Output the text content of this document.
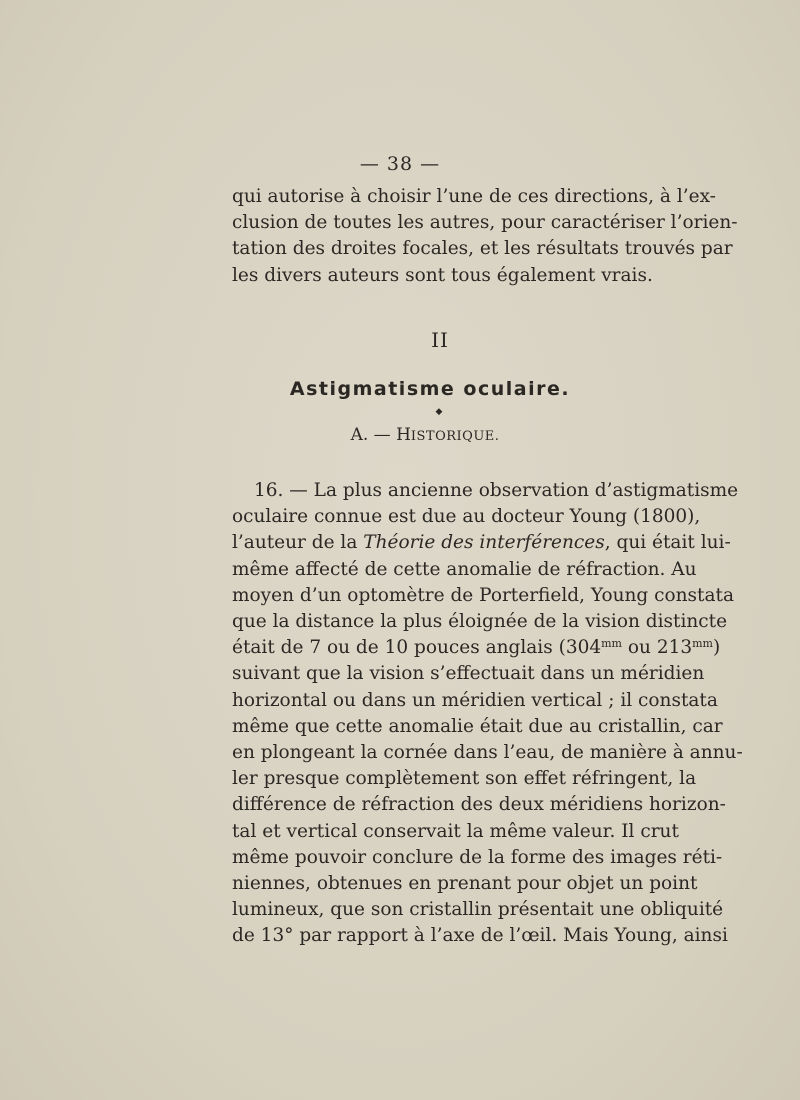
— 38 —
qui autorise à choisir l’une de ces directions, à l’ex-
clusion de toutes les autres, pour caractériser l’orien-
tation des droites focales, et les résultats trouvés par
les divers auteurs sont tous également vrais.
II
Astigmatisme oculaire.
◆
A. — HISTORIQUE.
16. — La plus ancienne observation d’astigmatisme
oculaire connue est due au docteur Young (1800),
l’auteur de la Théorie des interférences, qui était lui-
même affecté de cette anomalie de réfraction. Au
moyen d’un optomètre de Porterfield, Young constata
que la distance la plus éloignée de la vision distincte
était de 7 ou de 10 pouces anglais ($304^{mm}$ ou $213^{mm}$)
suivant que la vision s’effectuait dans un méridien
horizontal ou dans un méridien vertical ; il constata
même que cette anomalie était due au cristallin, car
en plongeant la cornée dans l’eau, de manière à annu-
ler presque complètement son effet réfringent, la
différence de réfraction des deux méridiens horizon-
tal et vertical conservait la même valeur. Il crut
même pouvoir conclure de la forme des images réti-
niennes, obtenues en prenant pour objet un point
lumineux, que son cristallin présentait une obliquité
de 13° par rapport à l’axe de l’œil. Mais Young, ainsi
